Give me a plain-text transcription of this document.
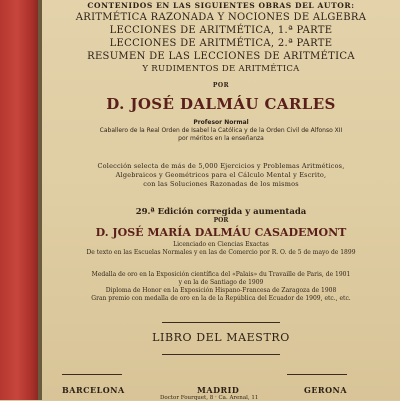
CONTENIDOS EN LAS SIGUIENTES OBRAS DEL AUTOR:
ARITMÉTICA RAZONADA Y NOCIONES DE ALGEBRA
LECCIONES DE ARITMÉTICA, 1.ª PARTE
LECCIONES DE ARITMÉTICA, 2.ª PARTE
RESUMEN DE LAS LECCIONES DE ARITMÉTICA
Y RUDIMENTOS DE ARITMÉTICA
POR
D. JOSÉ DALMÁU CARLES
Profesor Normal
Caballero de la Real Orden de Isabel la Católica y de la Orden Civil de Alfonso XII
por méritos en la enseñanza
Colección selecta de más de 5,000 Ejercicios y Problemas Aritméticos,
Algebraicos y Geométricos para el Cálculo Mental y Escrito,
con las Soluciones Razonadas de los mismos
29.ª Edición corregida y aumentada
POR
D. JOSÉ MARÍA DALMÁU CASADEMONT
Licenciado en Ciencias Exactas
De texto en las Escuelas Normales y en las de Comercio por R. O. de 5 de mayo de 1899
Medalla de oro en la Exposición científica del «Palais» du Travaille de Paris, de 1901
y en la de Santiago de 1909
Diploma de Honor en la Exposición Hispano-Francesa de Zaragoza de 1908
Gran premio con medalla de oro en la de la República del Ecuador de 1909, etc., etc.
LIBRO DEL MAESTRO
BARCELONA	MADRID
Doctor Fourquet, 8 · Ca. Arenal, 11
GERONA
